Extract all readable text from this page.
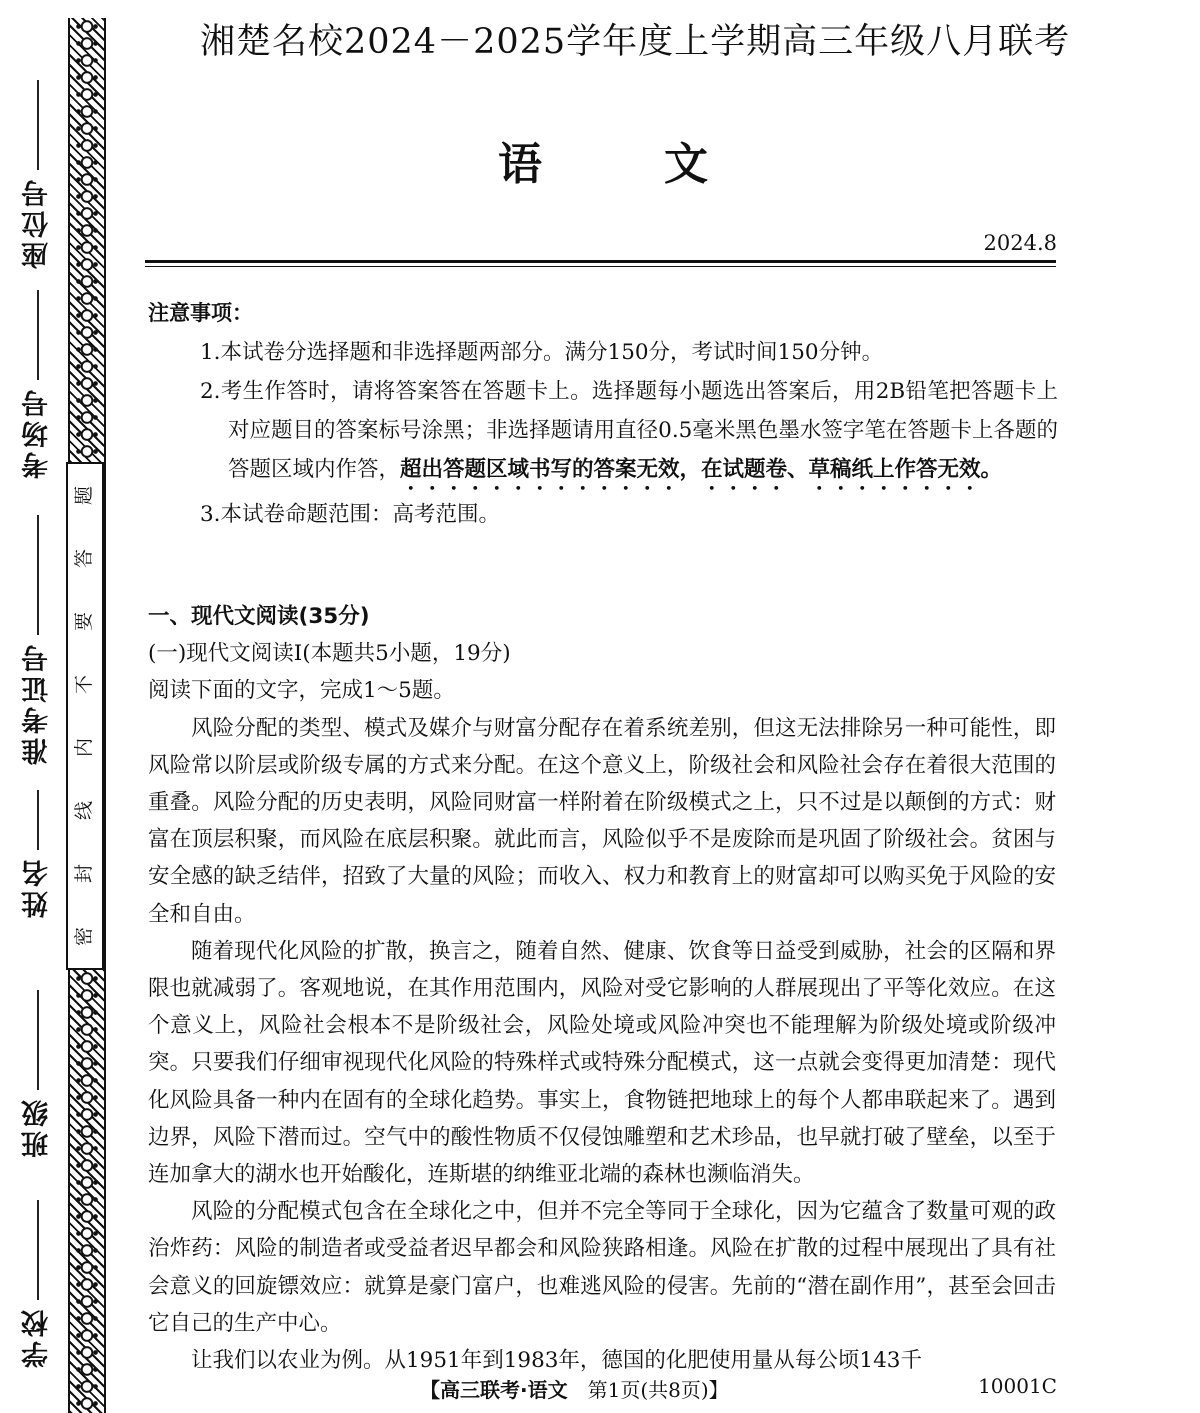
座位号
考场号
准考证号
姓名
班级
学校
题
答
要
不
内
线
封
密
湘楚名校2024－2025学年度上学期高三年级八月联考
语	文
2024.8
注意事项：
1.本试卷分选择题和非选择题两部分。满分150分，考试时间150分钟。
2.考生作答时，请将答案答在答题卡上。选择题每小题选出答案后，用2B铅笔把答题卡上对应题目的答案标号涂黑；非选择题请用直径0.5毫米黑色墨水签字笔在答题卡上各题的答题区域内作答，超出答题区域书写的答案无效，在试题卷、草稿纸上作答无效。
3.本试卷命题范围：高考范围。
一、现代文阅读(35分)
(一)现代文阅读Ⅰ(本题共5小题，19分)
阅读下面的文字，完成1～5题。
风险分配的类型、模式及媒介与财富分配存在着系统差别，但这无法排除另一种可能性，即风险常以阶层或阶级专属的方式来分配。在这个意义上，阶级社会和风险社会存在着很大范围的重叠。风险分配的历史表明，风险同财富一样附着在阶级模式之上，只不过是以颠倒的方式：财富在顶层积聚，而风险在底层积聚。就此而言，风险似乎不是废除而是巩固了阶级社会。贫困与安全感的缺乏结伴，招致了大量的风险；而收入、权力和教育上的财富却可以购买免于风险的安全和自由。
随着现代化风险的扩散，换言之，随着自然、健康、饮食等日益受到威胁，社会的区隔和界限也就减弱了。客观地说，在其作用范围内，风险对受它影响的人群展现出了平等化效应。在这个意义上，风险社会根本不是阶级社会，风险处境或风险冲突也不能理解为阶级处境或阶级冲突。只要我们仔细审视现代化风险的特殊样式或特殊分配模式，这一点就会变得更加清楚：现代化风险具备一种内在固有的全球化趋势。事实上，食物链把地球上的每个人都串联起来了。遇到边界，风险下潜而过。空气中的酸性物质不仅侵蚀雕塑和艺术珍品，也早就打破了壁垒，以至于连加拿大的湖水也开始酸化，连斯堪的纳维亚北端的森林也濒临消失。
风险的分配模式包含在全球化之中，但并不完全等同于全球化，因为它蕴含了数量可观的政治炸药：风险的制造者或受益者迟早都会和风险狭路相逢。风险在扩散的过程中展现出了具有社会意义的回旋镖效应：就算是豪门富户，也难逃风险的侵害。先前的“潜在副作用”，甚至会回击它自己的生产中心。
让我们以农业为例。从1951年到1983年，德国的化肥使用量从每公顷143千
【高三联考·语文　 第1页(共8页)】	10001C
